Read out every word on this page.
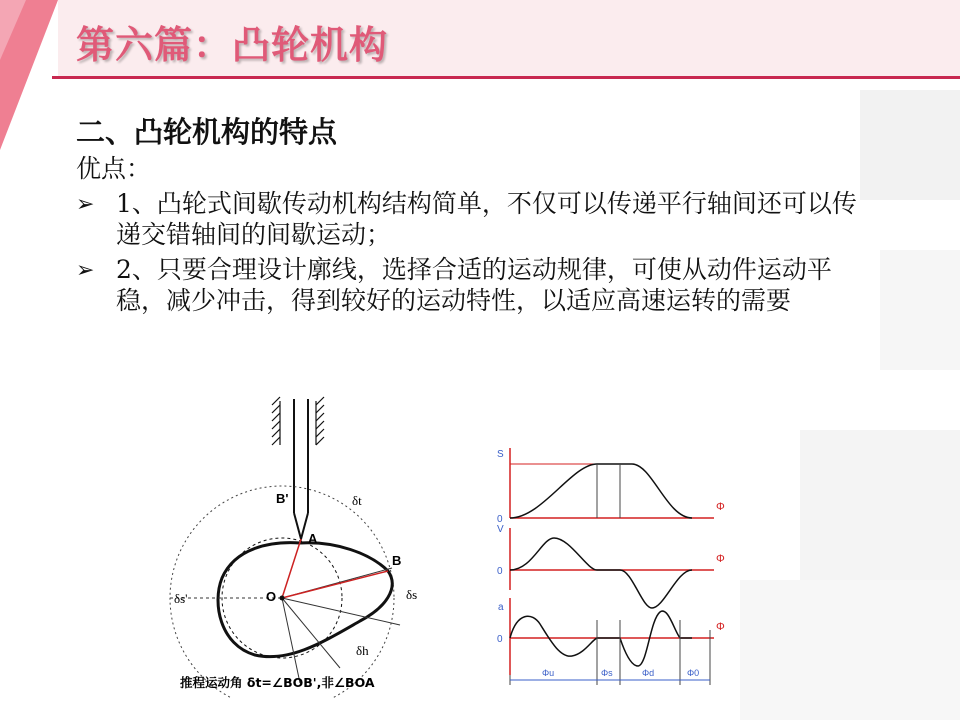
第六篇：凸轮机构
二、凸轮机构的特点

优点：

➢ 1、凸轮式间歇传动机构结构简单，不仅可以传递平行轴间还可以传递交错轴间的间歇运动；
➢ 2、只要合理设计廓线，选择合适的运动规律，可使从动件运动平稳，减少冲击，得到较好的运动特性，以适应高速运转的需要
B'	δt
A
B
O
δs'	δs
δh
推程运动角 δt=∠BOB',非∠BOA
S
0
Φ
V
0
Φ
a
0
Φ
Φu	Φs	Φd	Φ0
